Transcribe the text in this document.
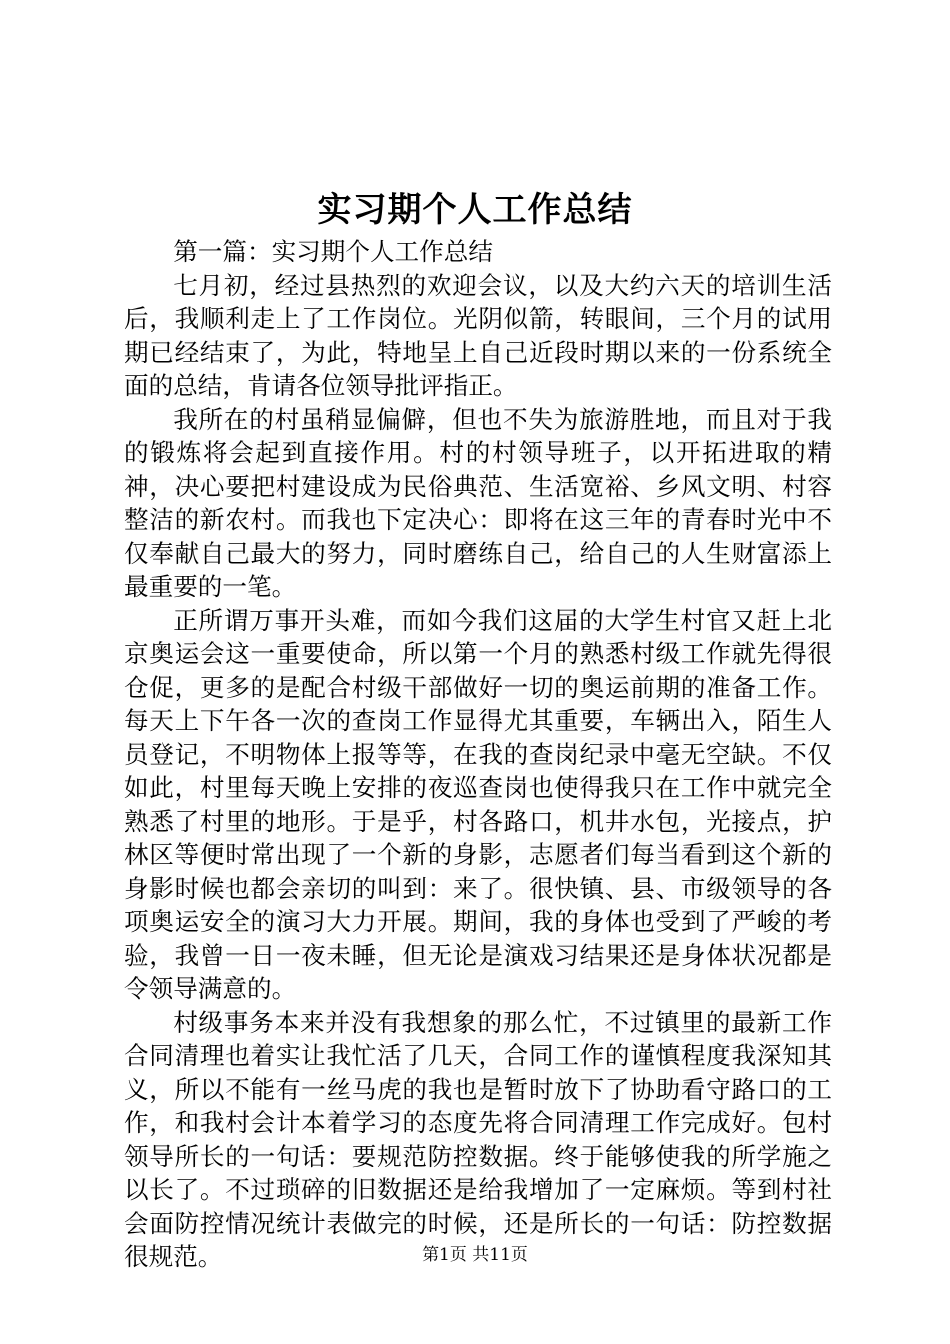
实习期个人工作总结

第一篇：实习期个人工作总结

七月初，经过县热烈的欢迎会议，以及大约六天的培训生活后，我顺利走上了工作岗位。光阴似箭，转眼间，三个月的试用期已经结束了，为此，特地呈上自己近段时期以来的一份系统全面的总结，肯请各位领导批评指正。

我所在的村虽稍显偏僻，但也不失为旅游胜地，而且对于我的锻炼将会起到直接作用。村的村领导班子，以开拓进取的精神，决心要把村建设成为民俗典范、生活宽裕、乡风文明、村容整洁的新农村。而我也下定决心：即将在这三年的青春时光中不仅奉献自己最大的努力，同时磨练自己，给自己的人生财富添上最重要的一笔。

正所谓万事开头难，而如今我们这届的大学生村官又赶上北京奥运会这一重要使命，所以第一个月的熟悉村级工作就先得很仓促，更多的是配合村级干部做好一切的奥运前期的准备工作。每天上下午各一次的查岗工作显得尤其重要，车辆出入，陌生人员登记，不明物体上报等等，在我的查岗纪录中毫无空缺。不仅如此，村里每天晚上安排的夜巡查岗也使得我只在工作中就完全熟悉了村里的地形。于是乎，村各路口，机井水包，光接点，护林区等便时常出现了一个新的身影，志愿者们每当看到这个新的身影时候也都会亲切的叫到：来了。很快镇、县、市级领导的各项奥运安全的演习大力开展。期间，我的身体也受到了严峻的考验，我曾一日一夜未睡，但无论是演戏习结果还是身体状况都是令领导满意的。

村级事务本来并没有我想象的那么忙，不过镇里的最新工作合同清理也着实让我忙活了几天，合同工作的谨慎程度我深知其义，所以不能有一丝马虎的我也是暂时放下了协助看守路口的工作，和我村会计本着学习的态度先将合同清理工作完成好。包村领导所长的一句话：要规范防控数据。终于能够使我的所学施之以长了。不过琐碎的旧数据还是给我增加了一定麻烦。等到村社会面防控情况统计表做完的时候，还是所长的一句话：防控数据很规范。	第1页 共11页
